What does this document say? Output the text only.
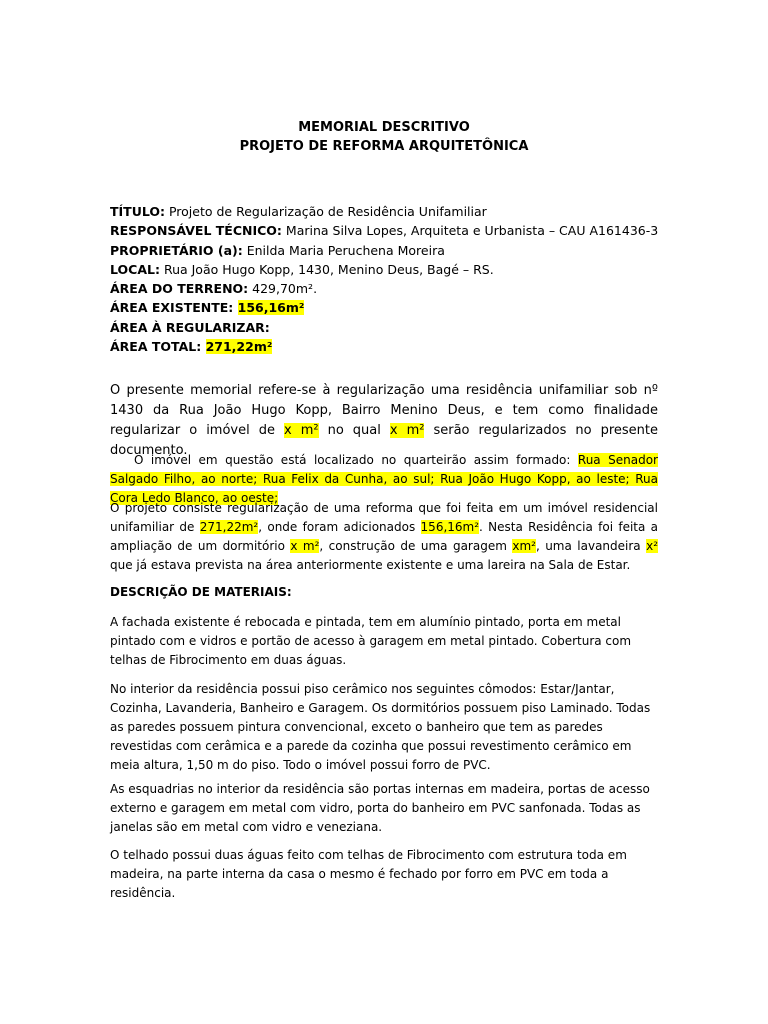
MEMORIAL DESCRITIVO
PROJETO DE REFORMA ARQUITETÔNICA
TÍTULO: Projeto de Regularização de Residência Unifamiliar
RESPONSÁVEL TÉCNICO: Marina Silva Lopes, Arquiteta e Urbanista – CAU A161436-3
PROPRIETÁRIO (a): Enilda Maria Peruchena Moreira
LOCAL: Rua João Hugo Kopp, 1430, Menino Deus, Bagé – RS.
ÁREA DO TERRENO: 429,70m².
ÁREA EXISTENTE: 156,16m²
ÁREA À REGULARIZAR:
ÁREA TOTAL: 271,22m²
O presente memorial refere-se à regularização uma residência unifamiliar sob nº 1430 da Rua João Hugo Kopp, Bairro Menino Deus, e tem como finalidade regularizar o imóvel de x m² no qual x m² serão regularizados no presente documento.
O imóvel em questão está localizado no quarteirão assim formado: Rua Senador Salgado Filho, ao norte; Rua Felix da Cunha, ao sul; Rua João Hugo Kopp, ao leste; Rua Cora Ledo Blanco, ao oeste;
O projeto consiste regularização de uma reforma que foi feita em um imóvel residencial unifamiliar de 271,22m², onde foram adicionados 156,16m². Nesta Residência foi feita a ampliação de um dormitório x m², construção de uma garagem xm², uma lavandeira x² que já estava prevista na área anteriormente existente e uma lareira na Sala de Estar.
DESCRIÇÃO DE MATERIAIS:
A fachada existente é rebocada e pintada, tem em alumínio pintado, porta em metal pintado com e vidros e portão de acesso à garagem em metal pintado. Cobertura com telhas de Fibrocimento em duas águas.
No interior da residência possui piso cerâmico nos seguintes cômodos: Estar/Jantar, Cozinha, Lavanderia, Banheiro e Garagem. Os dormitórios possuem piso Laminado. Todas as paredes possuem pintura convencional, exceto o banheiro que tem as paredes revestidas com cerâmica e a parede da cozinha que possui revestimento cerâmico em meia altura, 1,50 m do piso. Todo o imóvel possui forro de PVC.
As esquadrias no interior da residência são portas internas em madeira, portas de acesso externo e garagem em metal com vidro, porta do banheiro em PVC sanfonada. Todas as janelas são em metal com vidro e veneziana.
O telhado possui duas águas feito com telhas de Fibrocimento com estrutura toda em madeira, na parte interna da casa o mesmo é fechado por forro em PVC em toda a residência.
